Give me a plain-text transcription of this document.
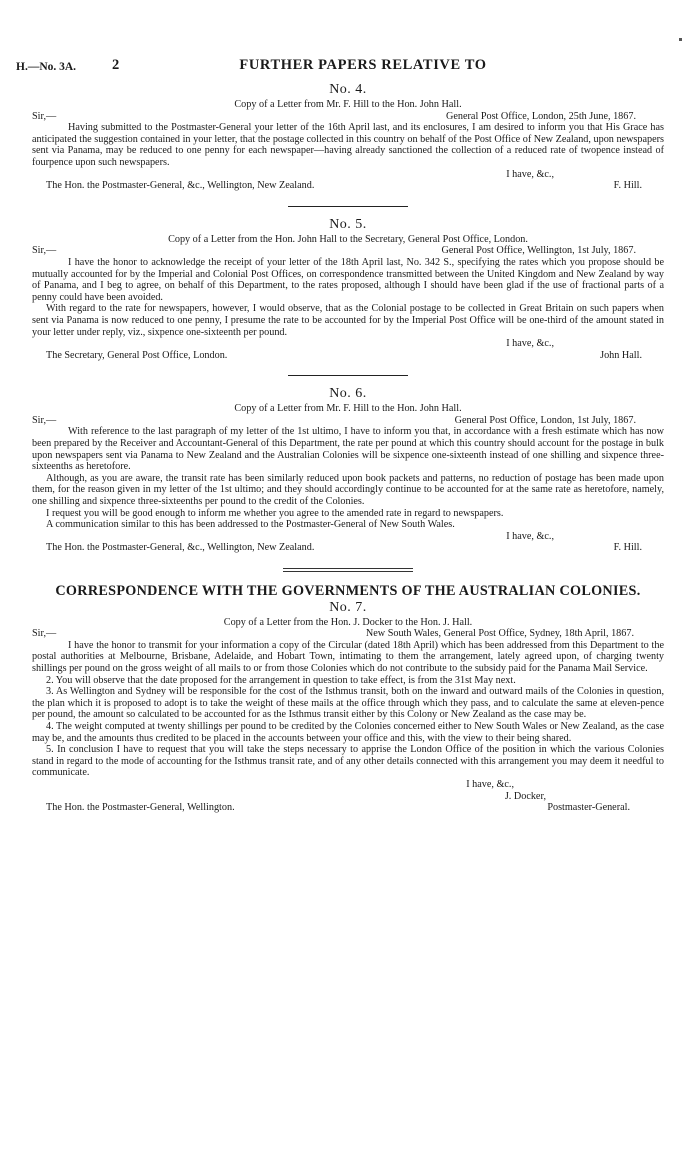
H.—No. 3A. 2	FURTHER PAPERS RELATIVE TO
No. 4.
Copy of a Letter from Mr. F. Hill to the Hon. John Hall.
Sir,—	General Post Office, London, 25th June, 1867.

Having submitted to the Postmaster-General your letter of the 16th April last, and its enclosures, I am desired to inform you that His Grace has anticipated the suggestion contained in your letter, that the postage collected in this country on behalf of the Post Office of New Zealand, upon newspapers sent via Panama, may be reduced to one penny for each newspaper—having already sanctioned the collection of a reduced rate of twopence instead of fourpence upon such newspapers.

I have, &c.,
The Hon. the Postmaster-General, &c., Wellington, New Zealand.	F. Hill.
No. 5.
Copy of a Letter from the Hon. John Hall to the Secretary, General Post Office, London.
Sir,—	General Post Office, Wellington, 1st July, 1867.

I have the honor to acknowledge the receipt of your letter of the 18th April last, No. 342 S., specifying the rates which you propose should be mutually accounted for by the Imperial and Colonial Post Offices, on correspondence transmitted between the United Kingdom and New Zealand by way of Panama, and I beg to agree, on behalf of this Department, to the rates proposed, although I should have been glad if the use of fractional parts of a penny could have been avoided.

With regard to the rate for newspapers, however, I would observe, that as the Colonial postage to be collected in Great Britain on such papers when sent via Panama is now reduced to one penny, I presume the rate to be accounted for by the Imperial Post Office will be one-third of the amount stated in your letter under reply, viz., sixpence one-sixteenth per pound.

I have, &c.,
The Secretary, General Post Office, London.	John Hall.
No. 6.
Copy of a Letter from Mr. F. Hill to the Hon. John Hall.
Sir,—	General Post Office, London, 1st July, 1867.

With reference to the last paragraph of my letter of the 1st ultimo, I have to inform you that, in accordance with a fresh estimate which has now been prepared by the Receiver and Accountant-General of this Department, the rate per pound at which this country should account for the postage in bulk upon newspapers sent via Panama to New Zealand and the Australian Colonies will be sixpence one-sixteenth instead of one shilling and sixpence three-sixteenths as heretofore.

Although, as you are aware, the transit rate has been similarly reduced upon book packets and patterns, no reduction of postage has been made upon them, for the reason given in my letter of the 1st ultimo; and they should accordingly continue to be accounted for at the same rate as heretofore, namely, one shilling and sixpence three-sixteenths per pound to the credit of the Colonies.

I request you will be good enough to inform me whether you agree to the amended rate in regard to newspapers.

A communication similar to this has been addressed to the Postmaster-General of New South Wales.

I have, &c.,
The Hon. the Postmaster-General, &c., Wellington, New Zealand.	F. Hill.
CORRESPONDENCE WITH THE GOVERNMENTS OF THE AUSTRALIAN COLONIES.
No. 7.
Copy of a Letter from the Hon. J. Docker to the Hon. J. Hall.
Sir,—	New South Wales, General Post Office, Sydney, 18th April, 1867.

I have the honor to transmit for your information a copy of the Circular (dated 18th April) which has been addressed from this Department to the postal authorities at Melbourne, Brisbane, Adelaide, and Hobart Town, intimating to them the arrangement, lately agreed upon, of charging twenty shillings per pound on the gross weight of all mails to or from those Colonies which do not contribute to the subsidy paid for the Panama Mail Service.

2. You will observe that the date proposed for the arrangement in question to take effect, is from the 31st May next.

3. As Wellington and Sydney will be responsible for the cost of the Isthmus transit, both on the inward and outward mails of the Colonies in question, the plan which it is proposed to adopt is to take the weight of these mails at the office through which they pass, and to calculate the same at eleven-pence per pound, the amount so calculated to be accounted for as the Isthmus transit either by this Colony or New Zealand as the case may be.

4. The weight computed at twenty shillings per pound to be credited by the Colonies concerned either to New South Wales or New Zealand, as the case may be, and the amounts thus credited to be placed in the accounts between your office and this, with the view to their being shared.

5. In conclusion I have to request that you will take the steps necessary to apprise the London Office of the position in which the various Colonies stand in regard to the mode of accounting for the Isthmus transit rate, and of any other details connected with this arrangement you may deem it needful to communicate.

I have, &c.,
J. Docker,
The Hon. the Postmaster-General, Wellington.	Postmaster-General.
